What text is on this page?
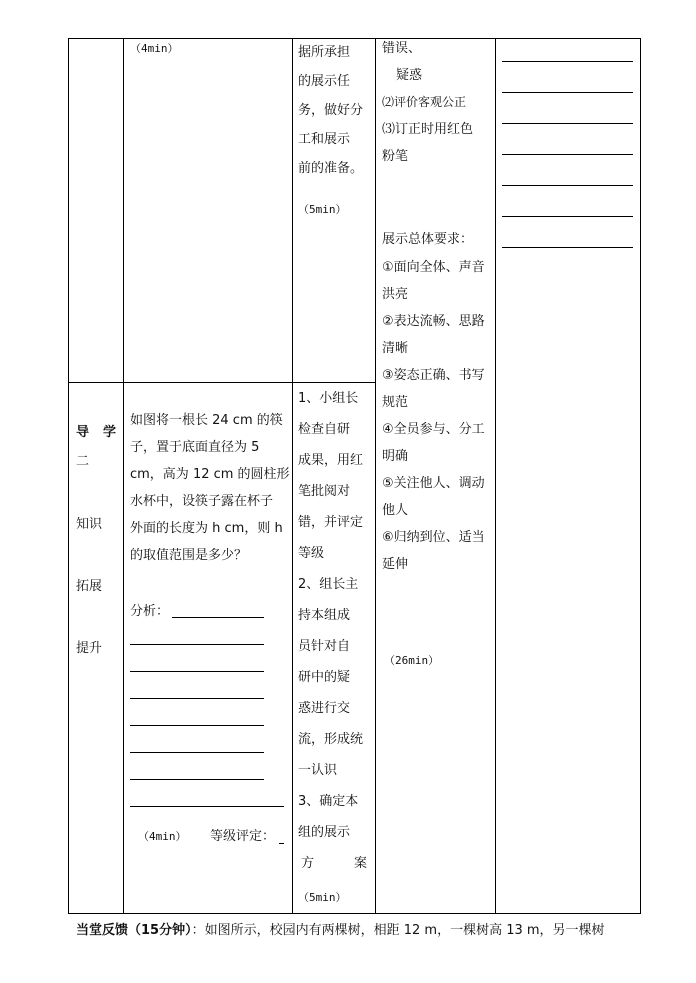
（4min）
导 学
二
知识
拓展
提升
如图将一根长 24 cm 的筷
子，置于底面直径为 5
cm，高为 12 cm 的圆柱形
水杯中，设筷子露在杯子
外面的长度为 h cm，则 h
的取值范围是多少？
分析：
（4min） 等级评定：
据所承担
的展示任
务，做好分
工和展示
前的准备。
（5min）
1、小组长
检查自研
成果，用红
笔批阅对
错，并评定
等级
2、组长主
持本组成
员针对自
研中的疑
惑进行交
流，形成统
一认识
3、确定本
组的展示
方	案
（5min）
错误、
疑惑
⑵评价客观公正
⑶订正时用红色
粉笔
展示总体要求：
①面向全体、声音
洪亮
②表达流畅、思路
清晰
③姿态正确、书写
规范
④全员参与、分工
明确
⑤关注他人、调动
他人
⑥归纳到位、适当
延伸
（26min）
当堂反馈（15分钟）：如图所示，校园内有两棵树，相距 12 m，一棵树高 13 m，另一棵树
